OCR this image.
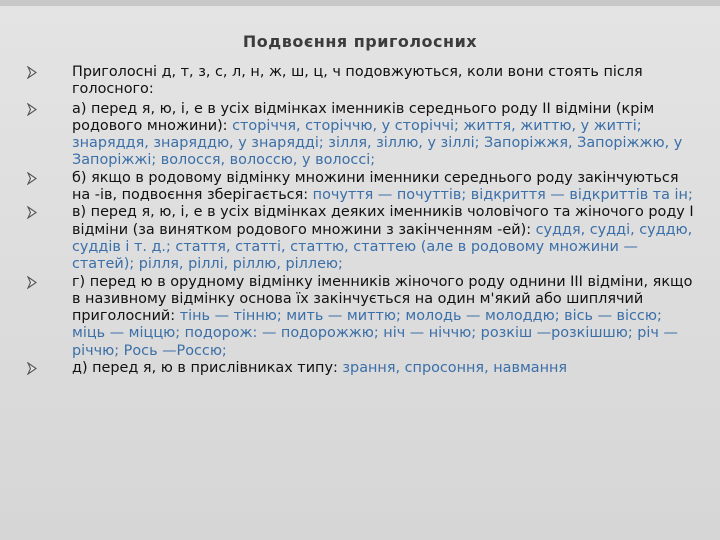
Подвоєння приголосних
Приголосні д, т, з, с, л, н, ж, ш, ц, ч подовжуються, коли вони стоять після голосного:
а) перед я, ю, і, е в усіх відмінках іменників середнього роду ІІ відміни (крім родового множини): сторіччя, сторіччю, у сторіччі; життя, життю, у житті; знаряддя, знаряддю, у знарядді; зілля, зіллю, у зіллі; Запоріжжя, Запоріжжю, у Запоріжжі; волосся, волоссю, у волоссі;
б) якщо в родовому відмінку множини іменники середнього роду закінчуються на -ів, подвоєння зберігається: почуття — почуттів; відкриття — відкриттів та ін;
в) перед я, ю, і, е в усіх відмінках деяких іменників чоловічого та жіночого роду І відміни (за винятком родового множини з закінченням -ей): суддя, судді, суддю, суддів і т. д.; стаття, статті, статтю, статтею (але в родовому множини — статей); рілля, ріллі, ріллю, ріллею;
г) перед ю в орудному відмінку іменників жіночого роду однини ІІІ відміни, якщо в називному відмінку основа їх закінчується на один м'який або шиплячий приголосний: тінь — тінню; мить — миттю; молодь — молоддю; вісь — віссю; міць — міццю; подорож: — подорожжю; ніч — ніччю; розкіш —розкішшю; річ —річчю; Рось —Россю;
д) перед я, ю в прислівниках типу: зрання, спросоння, навмання
